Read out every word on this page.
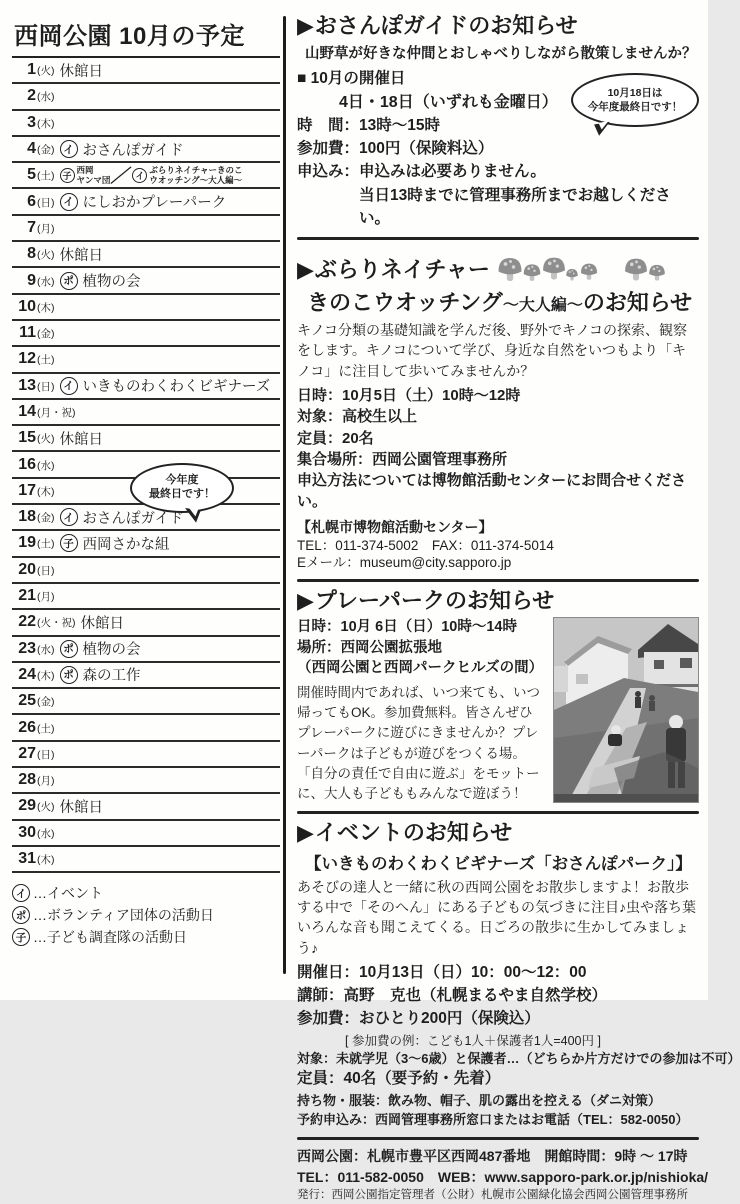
西岡公園 10月の予定
1 (火) 休館日
2 (水)
3 (木)
4 (金) イ おさんぽガイド
5 (土) 子
西岡
ヤンマ団 ／ イ
ぶらりネイチャーきのこ
ウオッチング～大人編～
6 (日) イ にしおかプレーパーク
7 (月)
8 (火) 休館日
9 (水) ポ 植物の会
10 (木)
11 (金)
12 (土)
13 (日) イ いきものわくわくビギナーズ
14 (月・祝)
15 (火) 休館日
16 (水)
17 (木)
18 (金) イ おさんぽガイド
19 (土) 子 西岡さかな組
20 (日)
21 (月)
22 (火・祝) 休館日
23 (水) ポ 植物の会
24 (木) ポ 森の工作
25 (金)
26 (土)
27 (日)
28 (月)
29 (火) 休館日
30 (水)
31 (木)
イ …イベント
ポ …ボランティア団体の活動日
子 …子ども調査隊の活動日
今年度
最終日です！
▶おさんぽガイドのお知らせ
山野草が好きな仲間とおしゃべりしながら散策しませんか？
■ 10月の開催日
4日・18日（いずれも金曜日）
時　間：13時～15時
参加費：100円（保険料込）
申込み：申込みは必要ありません。
当日13時までに管理事務所までお越しください。
10月18日は
今年度最終日です！
▶ぶらりネイチャー
きのこウオッチング～大人編～のお知らせ
キノコ分類の基礎知識を学んだ後、野外でキノコの探索、観察をします。キノコについて学び、身近な自然をいつもより「キノコ」に注目して歩いてみませんか？
日時：10月5日（土）10時～12時
対象：高校生以上
定員：20名
集合場所：西岡公園管理事務所
申込方法については博物館活動センターにお問合せください。
【札幌市博物館活動センター】
TEL：011-374-5002　FAX：011-374-5014
Eメール：museum@city.sapporo.jp
▶プレーパークのお知らせ
日時：10月 6日（日）10時～14時
場所：西岡公園拡張地
（西岡公園と西岡パークヒルズの間）
開催時間内であれば、いつ来ても、いつ帰ってもOK。参加費無料。皆さんぜひプレーパークに遊びにきませんか？プレーパークは子どもが遊びをつくる場。「自分の責任で自由に遊ぶ」をモットーに、大人も子どももみんなで遊ぼう！
▶イベントのお知らせ
【いきものわくわくビギナーズ「おさんぽパーク」】
あそびの達人と一緒に秋の西岡公園をお散歩しますよ！お散歩する中で「そのへん」にある子どもの気づきに注目♪虫や落ち葉いろんな音も聞こえてくる。日ごろの散歩に生かしてみましょう♪
開催日：10月13日（日）10：00～12：00
講師：高野　克也（札幌まるやま自然学校）
参加費：おひとり200円（保険込）
[ 参加費の例：こども1人＋保護者1人=400円 ]
対象：未就学児（3～6歳）と保護者…（どちらか片方だけでの参加は不可）
定員：40名（要予約・先着）
持ち物・服装：飲み物、帽子、肌の露出を控える（ダニ対策）
予約申込み：西岡管理事務所窓口またはお電話（TEL：582-0050）
西岡公園：札幌市豊平区西岡487番地　開館時間：9時 ～ 17時
TEL：011-582-0050　WEB：www.sapporo-park.or.jp/nishioka/
発行：西岡公園指定管理者（公財）札幌市公園緑化協会西岡公園管理事務所
